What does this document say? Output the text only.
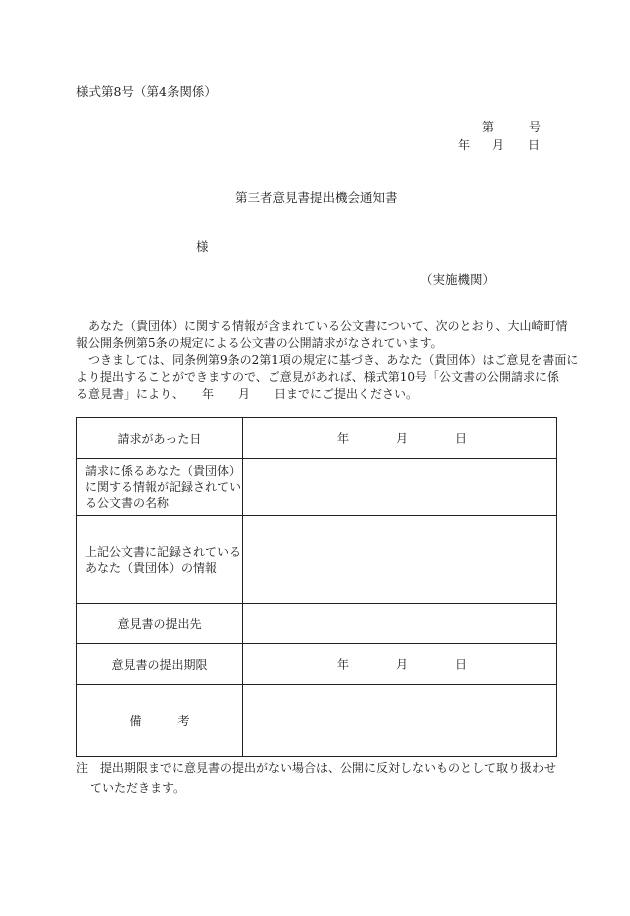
様式第8号（第4条関係）
第	号
年 月 日
第三者意見書提出機会通知書
様
（実施機関）

　あなた（貴団体）に関する情報が含まれている公文書について、次のとおり、大山崎町情

報公開条例第5条の規定による公文書の公開請求がなされています。

　つきましては、同条例第9条の2第1項の規定に基づき、あなた（貴団体）はご意見を書面に

より提出することができますので、ご意見があれば、様式第10号「公文書の公開請求に係

る意見書」により、　　年　　月　　日までにご提出ください。

請求があった日	年 月 日

請求に係るあなた（貴団体）
に関する情報が記録されてい
る公文書の名称	

上記公文書に記録されている
あなた（貴団体）の情報	

意見書の提出先	
意見書の提出期限	年 月 日

備　　　考	

注　提出期限までに意見書の提出がない場合は、公開に反対しないものとして取り扱わせ

ていただきます。
